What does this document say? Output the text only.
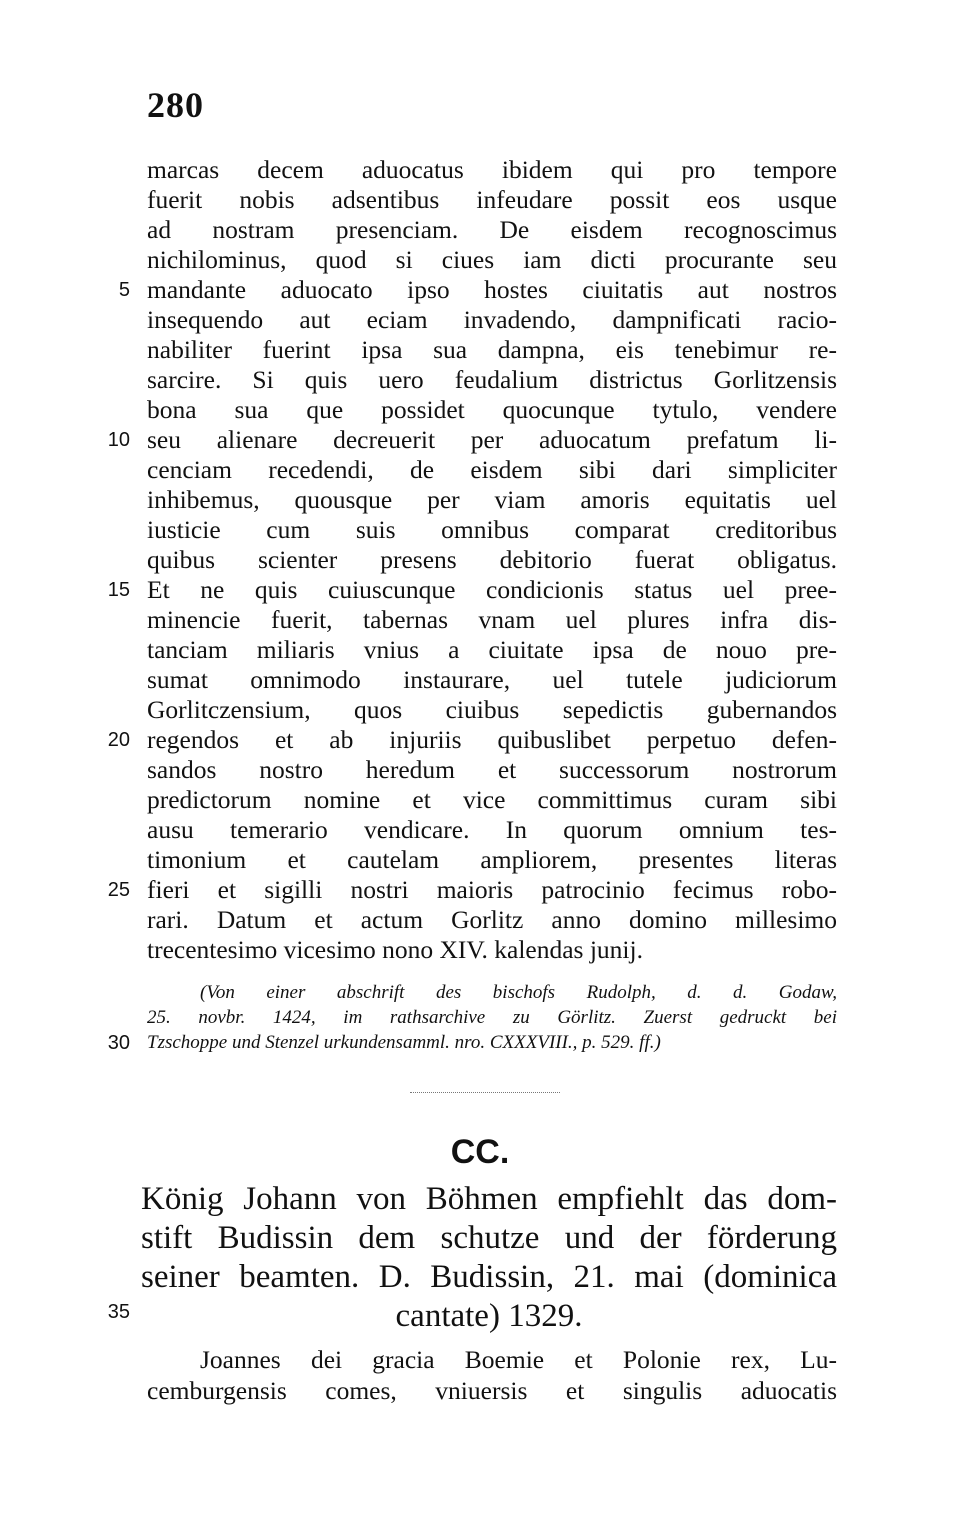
280
marcas decem aduocatus ibidem qui pro tempore
fuerit nobis adsentibus infeudare possit eos usque
ad nostram presenciam. De eisdem recognoscimus
nichilominus, quod si ciues iam dicti procurante seu
mandante aduocato ipso hostes ciuitatis aut nostros
insequendo aut eciam invadendo, dampnificati racio-
nabiliter fuerint ipsa sua dampna, eis tenebimur re-
sarcire. Si quis uero feudalium districtus Gorlitzensis
bona sua que possidet quocunque tytulo, vendere
seu alienare decreuerit per aduocatum prefatum li-
cenciam recedendi, de eisdem sibi dari simpliciter
inhibemus, quousque per viam amoris equitatis uel
iusticie cum suis omnibus comparat creditoribus
quibus scienter presens debitorio fuerat obligatus.
Et ne quis cuiuscunque condicionis status uel pree-
minencie fuerit, tabernas vnam uel plures infra dis-
tanciam miliaris vnius a ciuitate ipsa de nouo pre-
sumat omnimodo instaurare, uel tutele judiciorum
Gorlitczensium, quos ciuibus sepedictis gubernandos
regendos et ab injuriis quibuslibet perpetuo defen-
sandos nostro heredum et successorum nostrorum
predictorum nomine et vice committimus curam sibi
ausu temerario vendicare. In quorum omnium tes-
timonium et cautelam ampliorem, presentes literas
fieri et sigilli nostri maioris patrocinio fecimus robo-
rari. Datum et actum Gorlitz anno domino millesimo
trecentesimo vicesimo nono XIV. kalendas junij.
5
10
15
20
25
30
35
(Von einer abschrift des bischofs Rudolph, d. d. Godaw,
25. novbr. 1424, im rathsarchive zu Görlitz. Zuerst gedruckt bei
Tzschoppe und Stenzel urkundensamml. nro. CXXXVIII., p. 529. ff.)
CC.
König Johann von Böhmen empfiehlt das dom-
stift Budissin dem schutze und der förderung
seiner beamten. D. Budissin, 21. mai (dominica
cantate) 1329.
Joannes dei gracia Boemie et Polonie rex, Lu-
cemburgensis comes, vniuersis et singulis aduocatis
